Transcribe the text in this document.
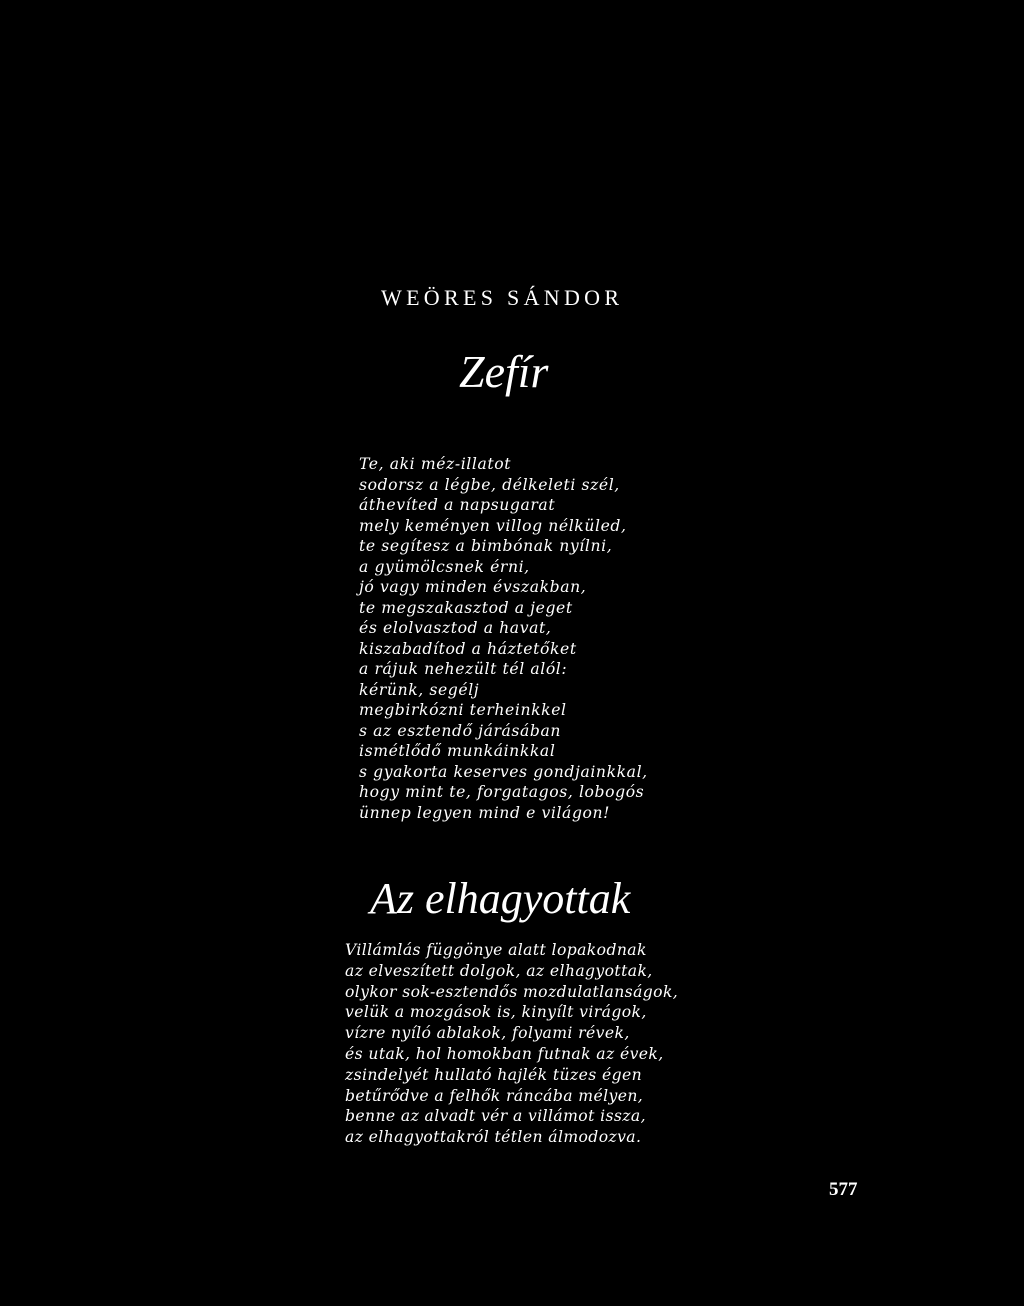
WEÖRES SÁNDOR
Zefír
Te, aki méz-illatot
sodorsz a légbe, délkeleti szél,
áthevíted a napsugarat
mely keményen villog nélküled,
te segítesz a bimbónak nyílni,
a gyümölcsnek érni,
jó vagy minden évszakban,
te megszakasztod a jeget
és elolvasztod a havat,
kiszabadítod a háztetőket
a rájuk nehezült tél alól:
kérünk, segélj
megbirkózni terheinkkel
s az esztendő járásában
ismétlődő munkáinkkal
s gyakorta keserves gondjainkkal,
hogy mint te, forgatagos, lobogós
ünnep legyen mind e világon!
Az elhagyottak
Villámlás függönye alatt lopakodnak
az elveszített dolgok, az elhagyottak,
olykor sok-esztendős mozdulatlanságok,
velük a mozgások is, kinyílt virágok,
vízre nyíló ablakok, folyami révek,
és utak, hol homokban futnak az évek,
zsindelyét hullató hajlék tüzes égen
betűrődve a felhők ráncába mélyen,
benne az alvadt vér a villámot issza,
az elhagyottakról tétlen álmodozva.
577
